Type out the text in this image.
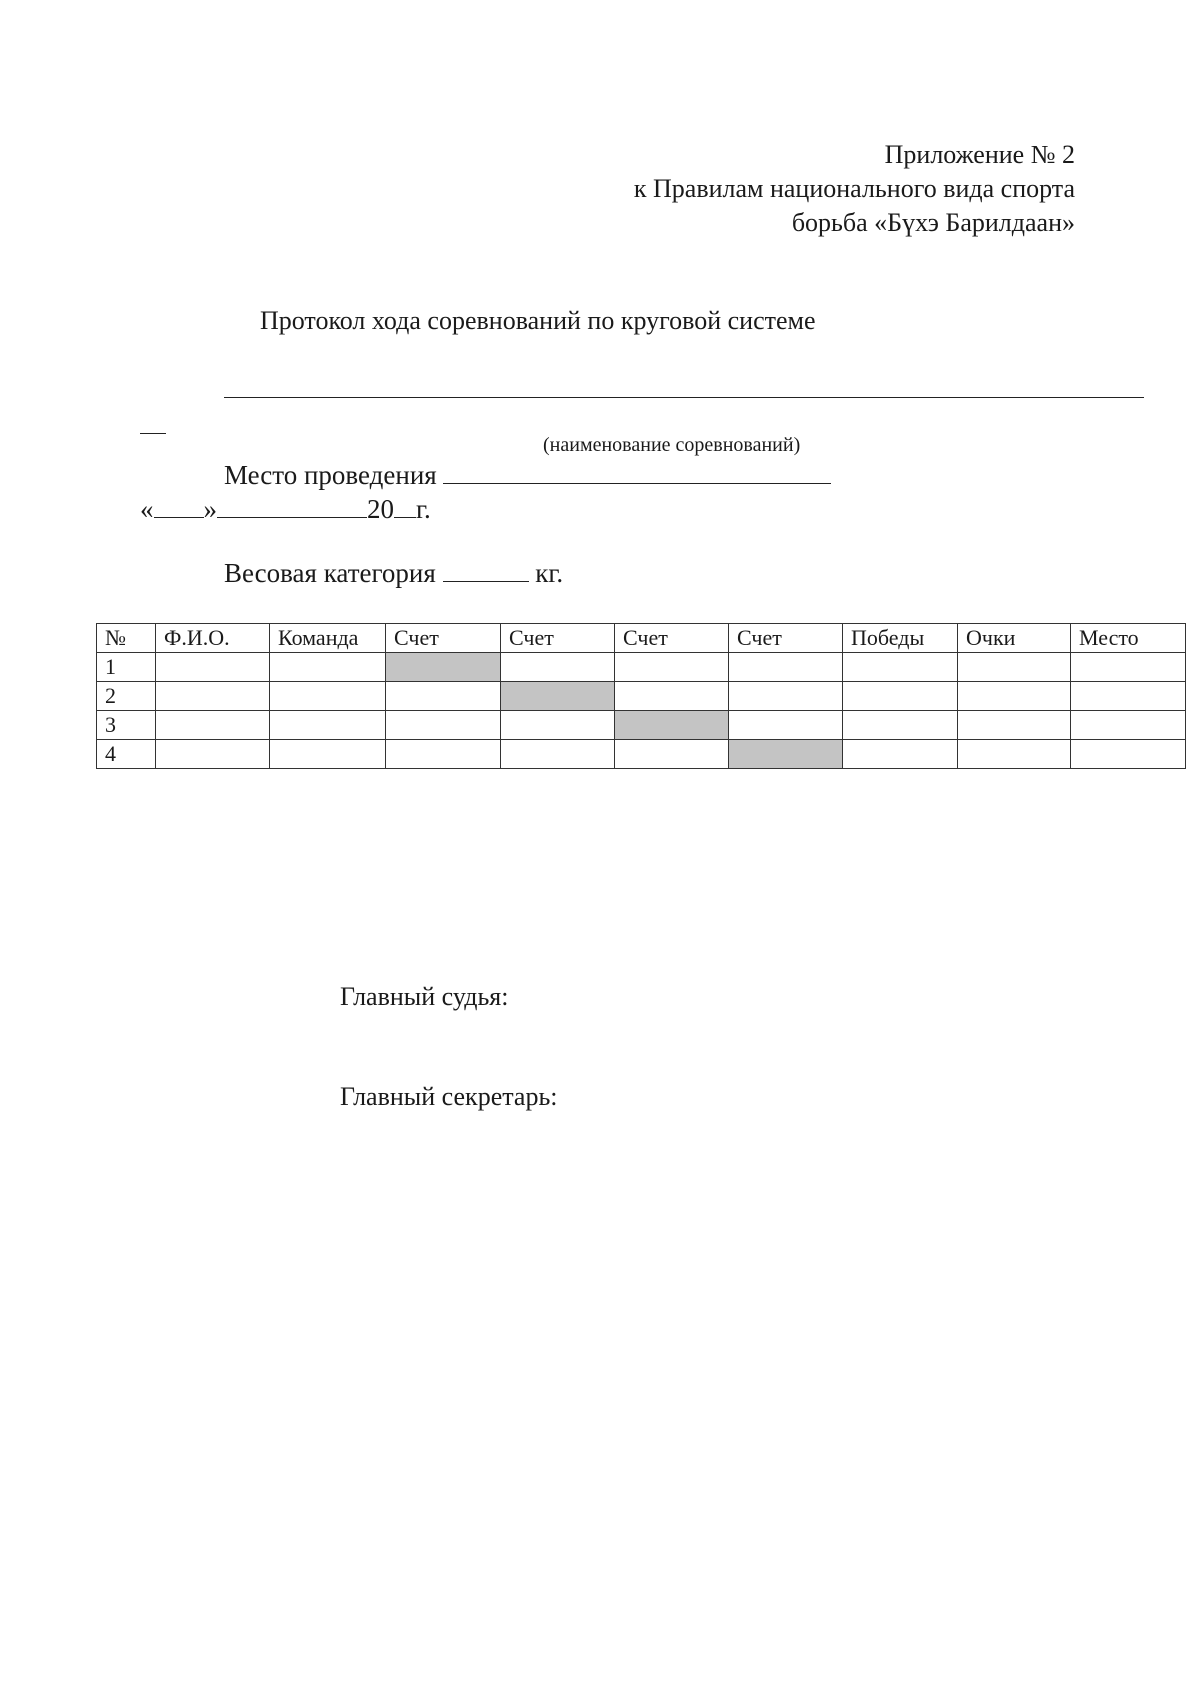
Приложение № 2
к Правилам национального вида спорта
борьба «Бүхэ Барилдаан»
Протокол хода соревнований по круговой системе
(наименование соревнований)
Место проведения
« »	20 г.
Весовая категория	кг.
№	Ф.И.О.	Команда	Счет	Счет	Счет	Счет	Победы	Очки	Место
1									
2									
3									
4									
Главный судья:
Главный секретарь:
